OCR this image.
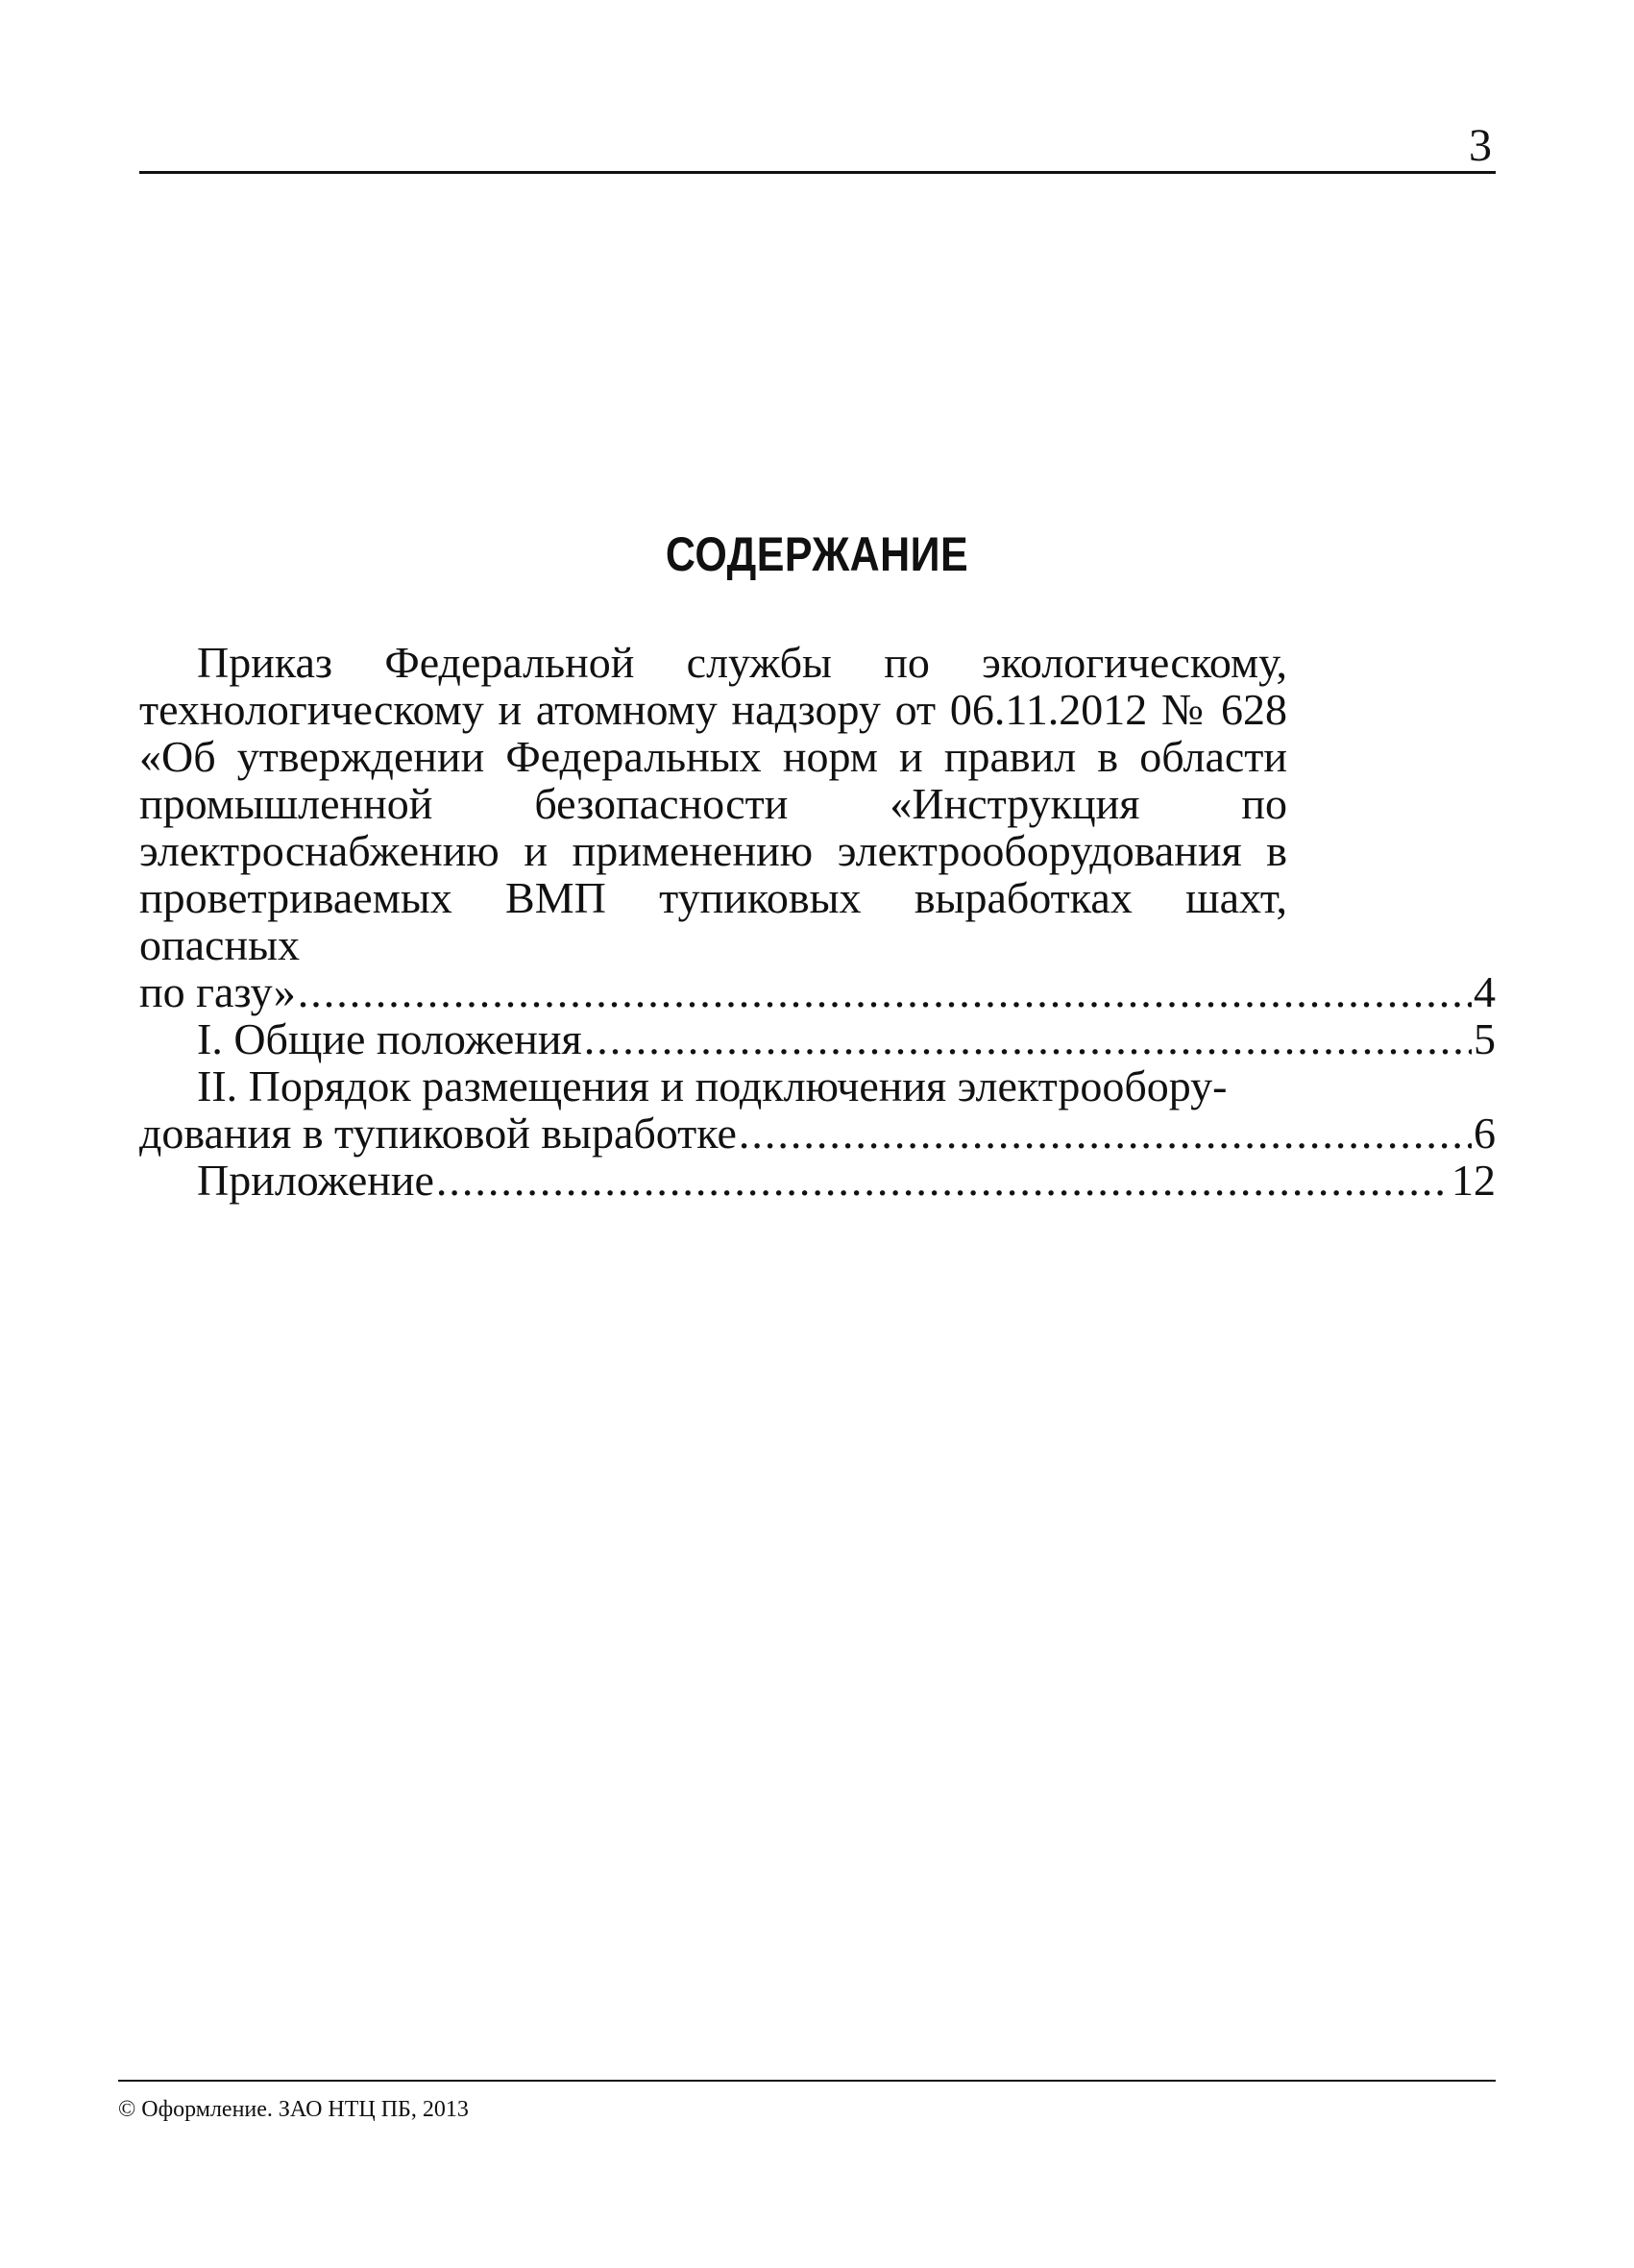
3
СОДЕРЖАНИЕ
Приказ Федеральной службы по экологическому, технологическому и атомному надзору от 06.11.2012 № 628 «Об утверждении Федеральных норм и правил в области промышленной безопасности «Инструкция по электроснабжению и применению электрооборудования в проветриваемых ВМП тупиковых выработках шахт, опасных
по газу» .....	4
I. Общие положения .....	5
II. Порядок размещения и подключения электрообору-
дования в тупиковой выработке .....	6
Приложение .....	12
© Оформление. ЗАО НТЦ ПБ, 2013
